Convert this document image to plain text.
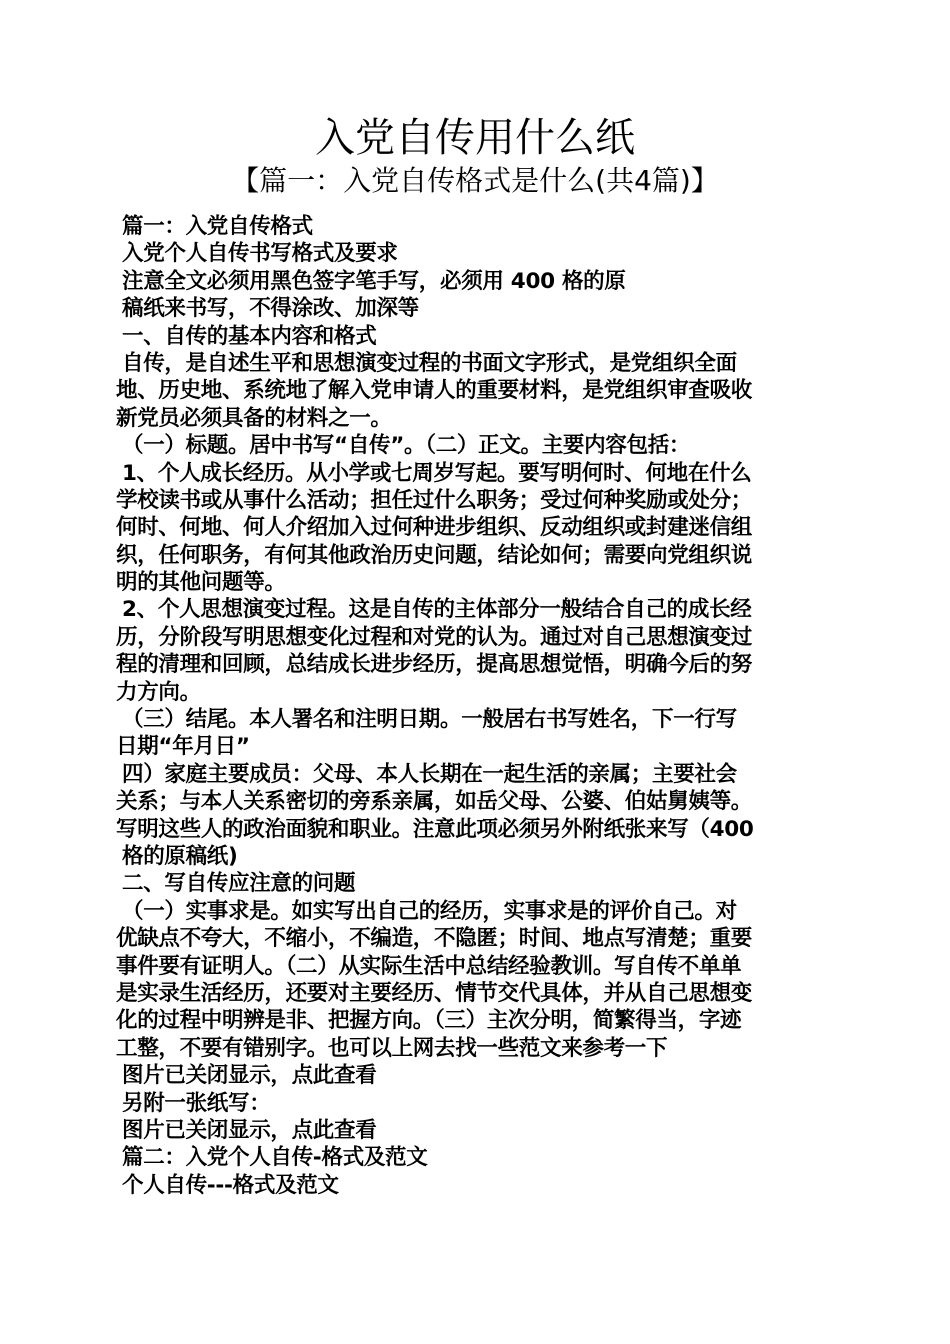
入党自传用什么纸
【篇一：入党自传格式是什么(共4篇)】
篇一：入党自传格式
入党个人自传书写格式及要求
注意全文必须用黑色签字笔手写，必须用 400 格的原
稿纸来书写，不得涂改、加深等
一、自传的基本内容和格式
自传，是自述生平和思想演变过程的书面文字形式，是党组织全面
地、历史地、系统地了解入党申请人的重要材料，是党组织审查吸收
新党员必须具备的材料之一。
（一）标题。居中书写“自传”。（二）正文。主要内容包括：
1、个人成长经历。从小学或七周岁写起。要写明何时、何地在什么
学校读书或从事什么活动；担任过什么职务；受过何种奖励或处分；
何时、何地、何人介绍加入过何种进步组织、反动组织或封建迷信组
织，任何职务，有何其他政治历史问题，结论如何；需要向党组织说
明的其他问题等。
2、个人思想演变过程。这是自传的主体部分一般结合自己的成长经
历，分阶段写明思想变化过程和对党的认为。通过对自己思想演变过
程的清理和回顾，总结成长进步经历，提高思想觉悟，明确今后的努
力方向。
（三）结尾。本人署名和注明日期。一般居右书写姓名，下一行写
日期“年月日”
四）家庭主要成员：父母、本人长期在一起生活的亲属；主要社会
关系；与本人关系密切的旁系亲属，如岳父母、公婆、伯姑舅姨等。
写明这些人的政治面貌和职业。注意此项必须另外附纸张来写（400
格的原稿纸)
二、写自传应注意的问题
（一）实事求是。如实写出自己的经历，实事求是的评价自己。对
优缺点不夸大，不缩小，不编造，不隐匿；时间、地点写清楚；重要
事件要有证明人。（二）从实际生活中总结经验教训。写自传不单单
是实录生活经历，还要对主要经历、情节交代具体，并从自己思想变
化的过程中明辨是非、把握方向。（三）主次分明，简繁得当，字迹
工整，不要有错别字。也可以上网去找一些范文来参考一下
图片已关闭显示，点此查看
另附一张纸写：
图片已关闭显示，点此查看
篇二：入党个人自传-格式及范文
个人自传---格式及范文
